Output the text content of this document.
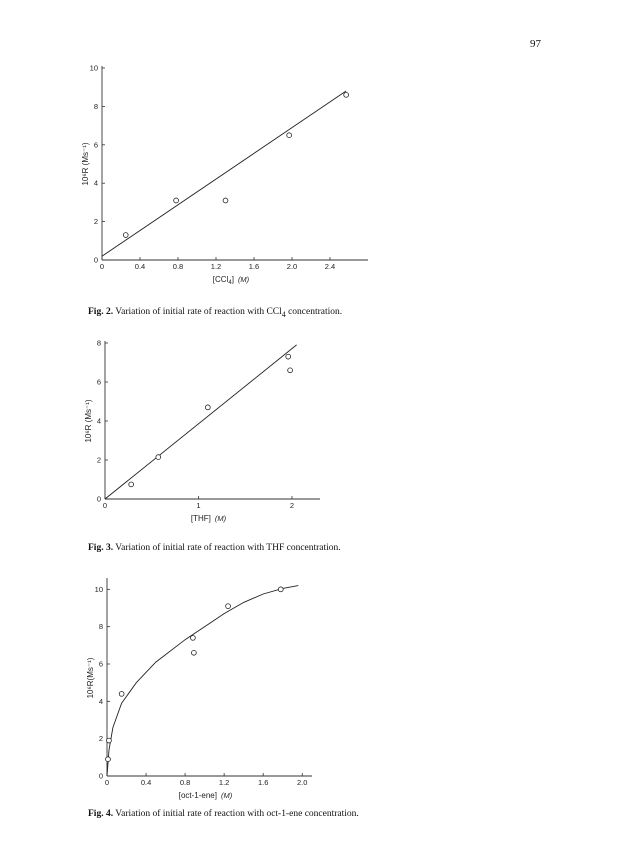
97
0	0.4	0.8	1.2	1.6	2.0	2.4
0
2
4
6
8
10
10⁶R (Ms⁻¹)
[CCl$_4$] (M)
Fig. 2. Variation of initial rate of reaction with CCl$_4$ concentration.
0	1	2
0
2
4
6
8
10⁶R (Ms⁻¹)
[THF] (M)
Fig. 3. Variation of initial rate of reaction with THF concentration.
0	0.4	0.8	1.2	1.6	2.0
0
2
4
6
8
10
10⁶R(Ms⁻¹)
[oct-1-ene] (M)
Fig. 4. Variation of initial rate of reaction with oct-1-ene concentration.
